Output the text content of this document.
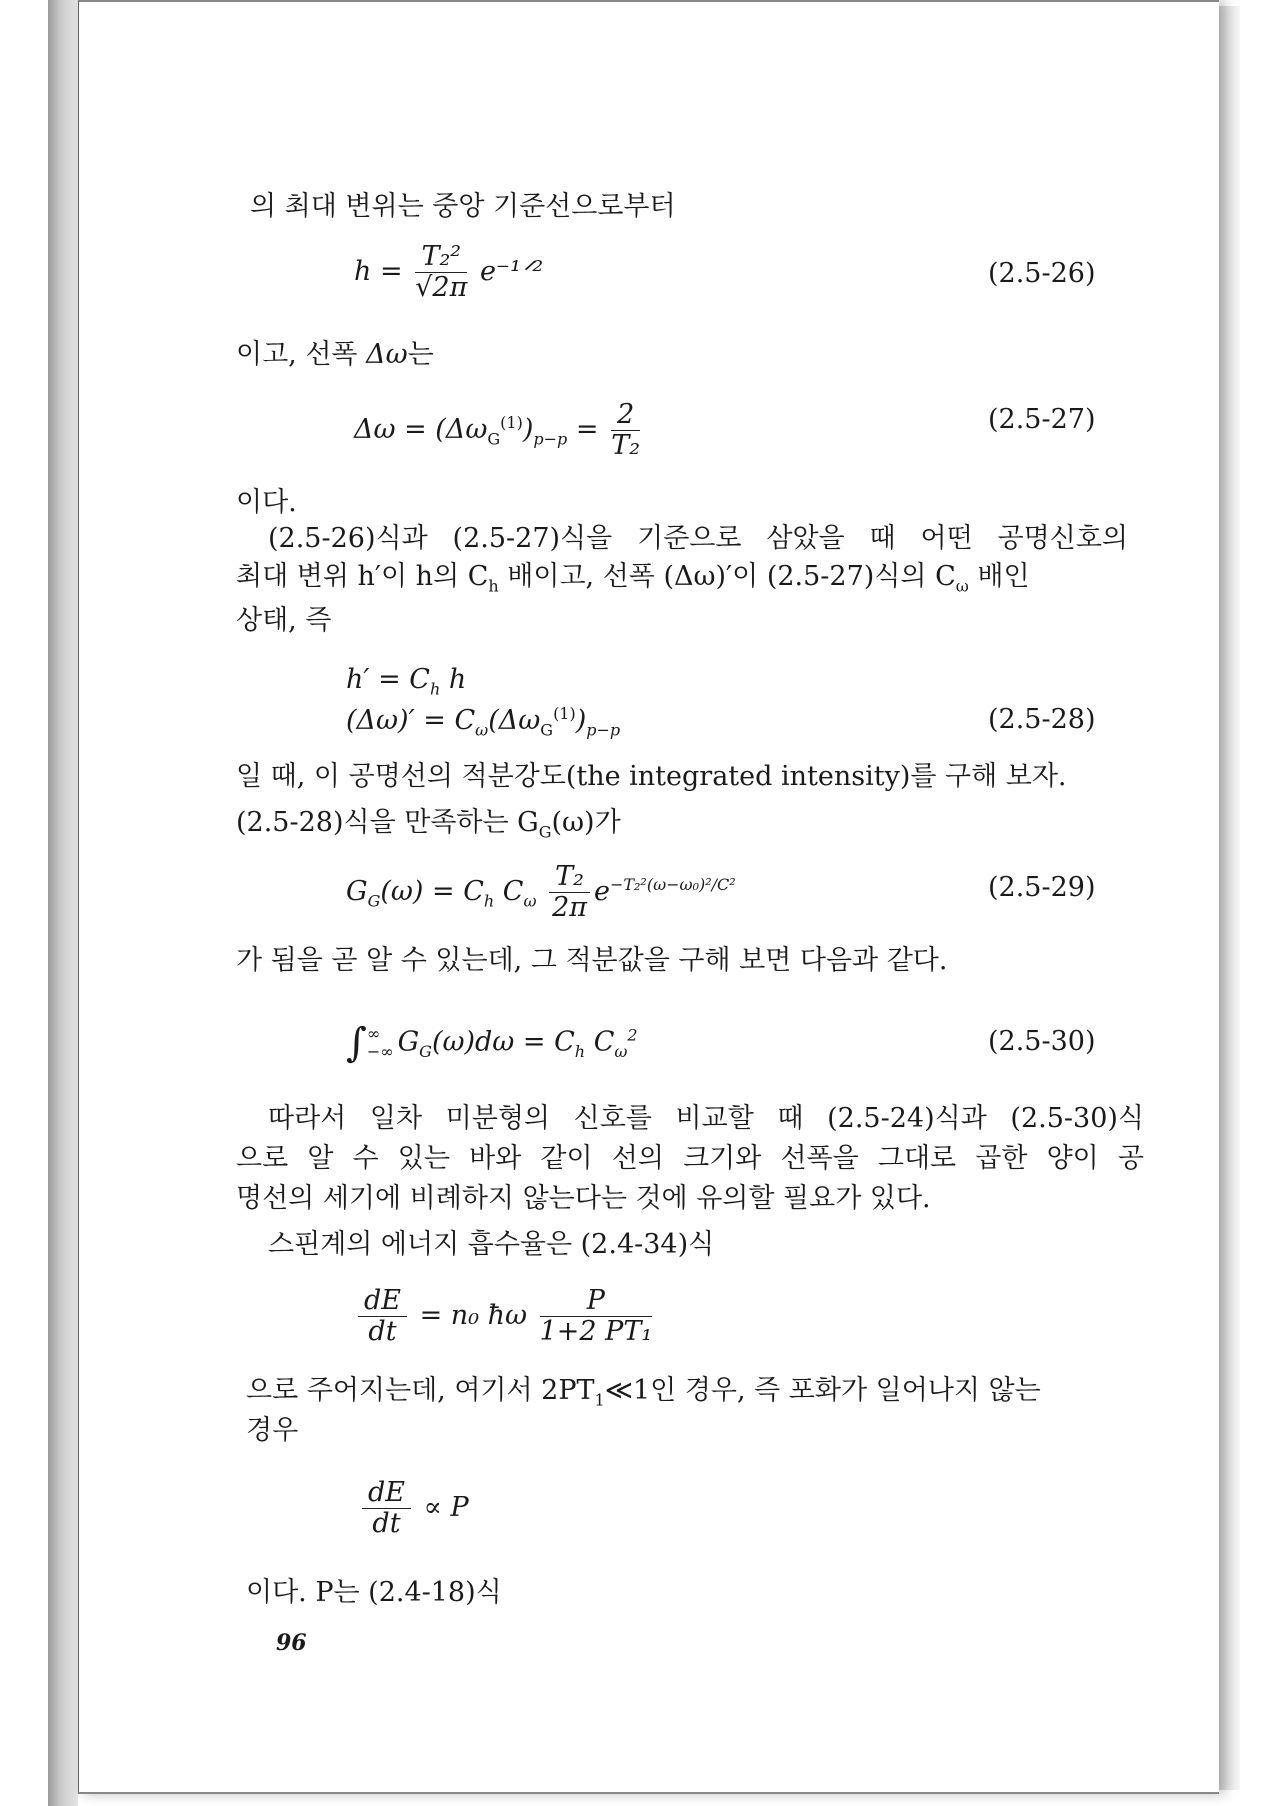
의 최대 변위는 중앙 기준선으로부터
$h = \frac{\text{T₂²}}{√2\pi}$ e⁻¹ᐟ²	(2.5-26)
이고, 선폭 Δω는
$\Delta\omega = (\Delta\omega_G^{(1)})_{p-p} = \frac{2}{\text{T₂}}$	(2.5-27)
이다.
(2.5-26)식과 (2.5-27)식을 기준으로 삼았을 때 어떤 공명신호의
최대 변위 h′이 h의 $C_h$ 배이고, 선폭 (Δω)′이 (2.5-27)식의 $C_\omega$ 배인
상태, 즉
$h' = C_h$ h
$(\Delta\omega)' = C_\omega(\Delta\omega_G^{(1)})_{p-p}$	(2.5-28)
일 때, 이 공명선의 적분강도(the integrated intensity)를 구해 보자.
(2.5-28)식을 만족하는 $G_G(\omega)$가
$G_G(\omega) = C_h$ $C_\omega \frac{\text{T₂}}{2\pi} e^{-T_2^2(\omega-\omega_0)^2/C^2}$	(2.5-29)
가 됨을 곧 알 수 있는데, 그 적분값을 구해 보면 다음과 같다.
∫ ∞
−∞ $G_G(\omega)d\omega = C_h$ $C_\omega^2$	(2.5-30)
따라서 일차 미분형의 신호를 비교할 때 (2.5-24)식과 (2.5-30)식
으로 알 수 있는 바와 같이 선의 크기와 선폭을 그대로 곱한 양이 공
명선의 세기에 비례하지 않는다는 것에 유의할 필요가 있다.
스핀계의 에너지 흡수율은 (2.4-34)식
$\frac{dE}{dt} = n_0$ ħω $\frac{P}{\text{1+2 PT₁}}$
으로 주어지는데, 여기서 $2PT_1≪1$인 경우, 즉 포화가 일어나지 않는
경우
$\frac{dE}{dt} \propto P$
이다. P는 (2.4-18)식
96
